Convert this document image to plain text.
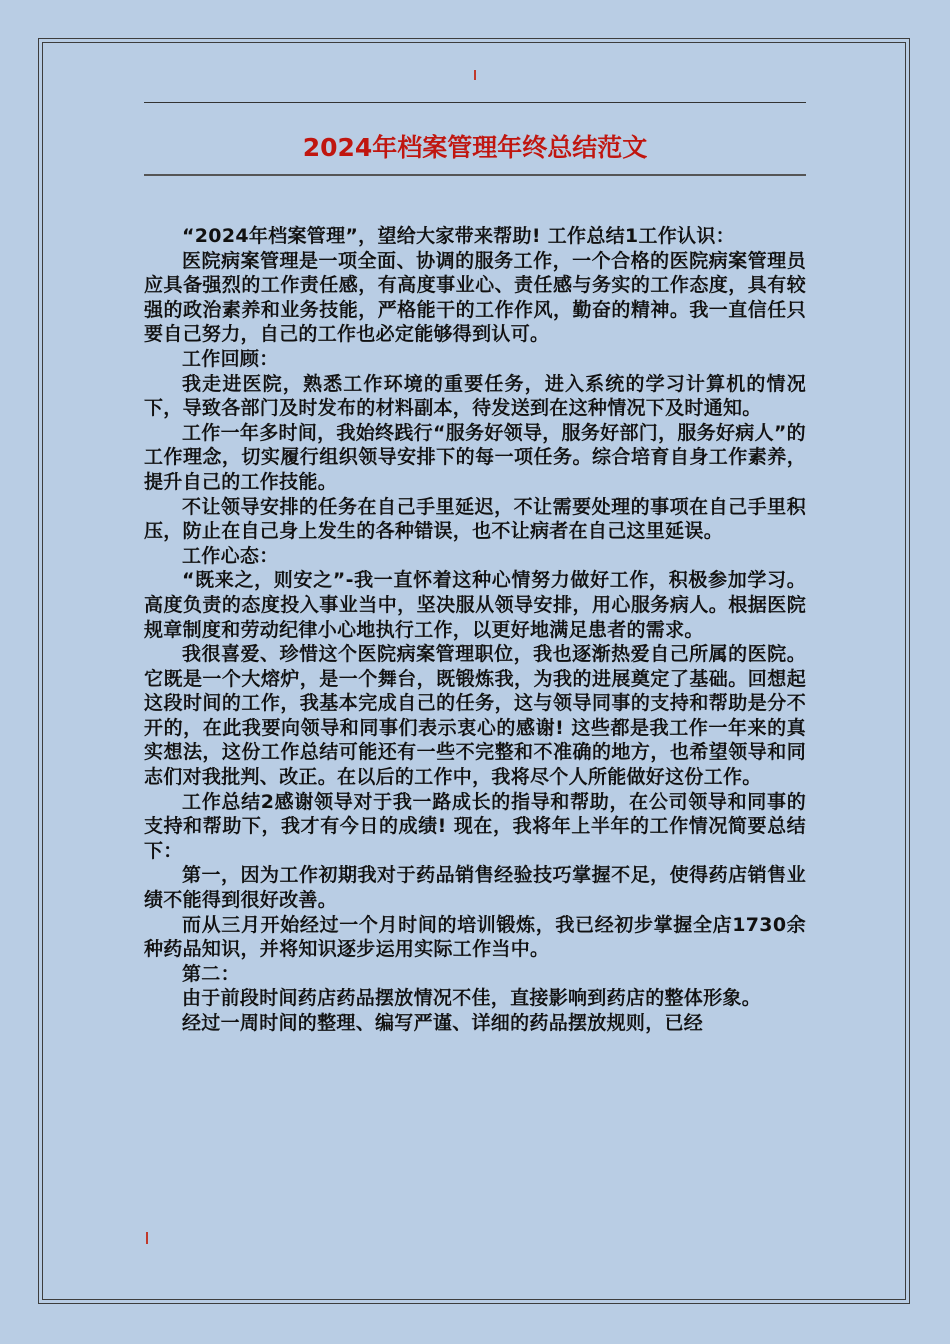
2024年档案管理年终总结范文

“2024年档案管理”，望给大家带来帮助! 工作总结1工作认识：

医院病案管理是一项全面、协调的服务工作，一个合格的医院病案管理员应具备强烈的工作责任感，有高度事业心、责任感与务实的工作态度，具有较强的政治素养和业务技能，严格能干的工作作风，勤奋的精神。我一直信任只要自己努力，自己的工作也必定能够得到认可。

工作回顾：

我走进医院，熟悉工作环境的重要任务，进入系统的学习计算机的情况下，导致各部门及时发布的材料副本，待发送到在这种情况下及时通知。

工作一年多时间，我始终践行“服务好领导，服务好部门，服务好病人”的工作理念，切实履行组织领导安排下的每一项任务。综合培育自身工作素养，提升自己的工作技能。

不让领导安排的任务在自己手里延迟，不让需要处理的事项在自己手里积压，防止在自己身上发生的各种错误，也不让病者在自己这里延误。

工作心态：

“既来之，则安之”-我一直怀着这种心情努力做好工作，积极参加学习。高度负责的态度投入事业当中，坚决服从领导安排，用心服务病人。根据医院规章制度和劳动纪律小心地执行工作，以更好地满足患者的需求。

我很喜爱、珍惜这个医院病案管理职位，我也逐渐热爱自己所属的医院。它既是一个大熔炉，是一个舞台，既锻炼我，为我的进展奠定了基础。回想起这段时间的工作，我基本完成自己的任务，这与领导同事的支持和帮助是分不开的，在此我要向领导和同事们表示衷心的感谢! 这些都是我工作一年来的真实想法，这份工作总结可能还有一些不完整和不准确的地方，也希望领导和同志们对我批判、改正。在以后的工作中，我将尽个人所能做好这份工作。

工作总结2感谢领导对于我一路成长的指导和帮助，在公司领导和同事的支持和帮助下，我才有今日的成绩! 现在，我将年上半年的工作情况简要总结下：

第一，因为工作初期我对于药品销售经验技巧掌握不足，使得药店销售业绩不能得到很好改善。

而从三月开始经过一个月时间的培训锻炼，我已经初步掌握全店1730余种药品知识，并将知识逐步运用实际工作当中。

第二：

由于前段时间药店药品摆放情况不佳，直接影响到药店的整体形象。

经过一周时间的整理、编写严谨、详细的药品摆放规则，已经
